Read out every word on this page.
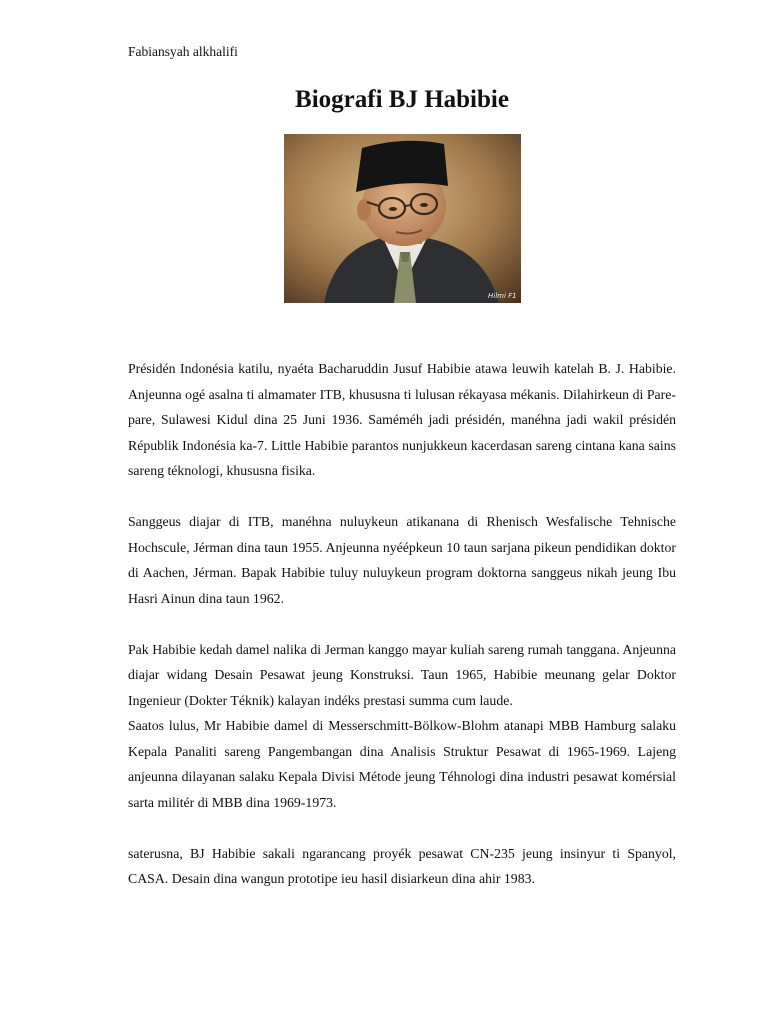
Fabiansyah alkhalifi
Biografi BJ Habibie
Hilmi F1

Présidén Indonésia katilu, nyaéta Bacharuddin Jusuf Habibie atawa leuwih katelah B. J. Habibie. Anjeunna ogé asalna ti almamater ITB, khususna ti lulusan rékayasa mékanis. Dilahirkeun di Pare-pare, Sulawesi Kidul dina 25 Juni 1936. Saméméh jadi présidén, manéhna jadi wakil présidén Républik Indonésia ka-7. Little Habibie parantos nunjukkeun kacerdasan sareng cintana kana sains sareng téknologi, khususna fisika.

Sanggeus diajar di ITB, manéhna nuluykeun atikanana di Rhenisch Wesfalische Tehnische Hochscule, Jérman dina taun 1955. Anjeunna nyéépkeun 10 taun sarjana pikeun pendidikan doktor di Aachen, Jérman. Bapak Habibie tuluy nuluykeun program doktorna sanggeus nikah jeung Ibu Hasri Ainun dina taun 1962.

Pak Habibie kedah damel nalika di Jerman kanggo mayar kuliah sareng rumah tanggana. Anjeunna diajar widang Desain Pesawat jeung Konstruksi. Taun 1965, Habibie meunang gelar Doktor Ingenieur (Dokter Téknik) kalayan indéks prestasi summa cum laude.

Saatos lulus, Mr Habibie damel di Messerschmitt-Bölkow-Blohm atanapi MBB Hamburg salaku Kepala Panaliti sareng Pangembangan dina Analisis Struktur Pesawat di 1965-1969. Lajeng anjeunna dilayanan salaku Kepala Divisi Métode jeung Téhnologi dina industri pesawat komérsial sarta militér di MBB dina 1969-1973.

saterusna, BJ Habibie sakali ngarancang proyék pesawat CN-235 jeung insinyur ti Spanyol, CASA. Desain dina wangun prototipe ieu hasil disiarkeun dina ahir 1983.
